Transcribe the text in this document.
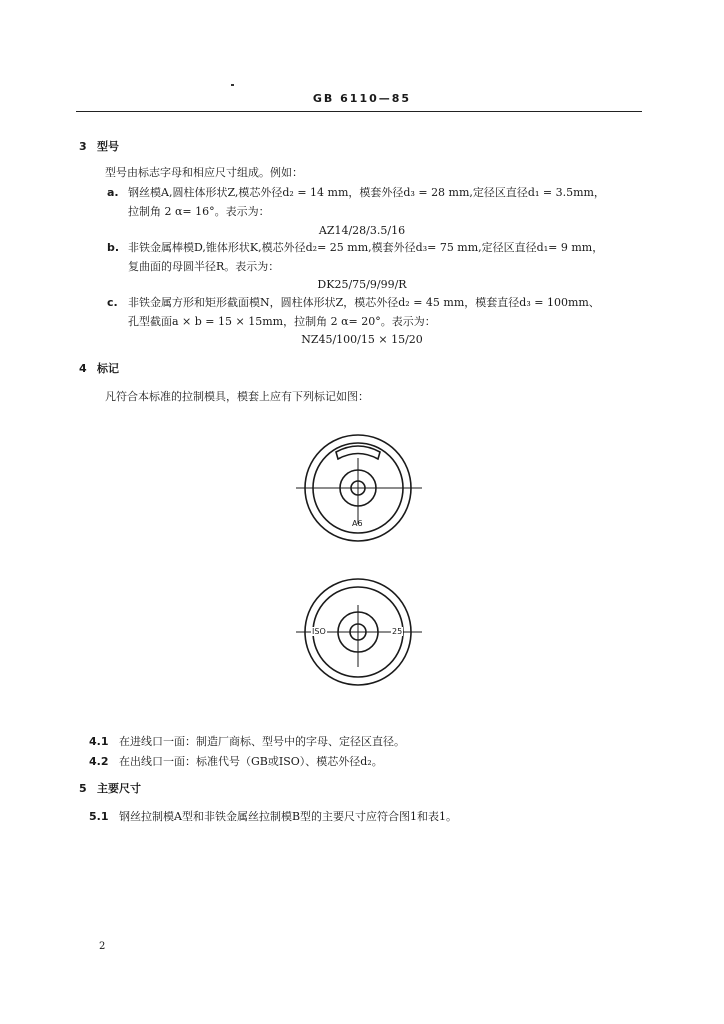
GB 6110—85
3 型号
型号由标志字母和相应尺寸组成。例如：
a. 钢丝模A,圆柱体形状Z,模芯外径d₂ = 14 mm，模套外径d₃ = 28 mm,定径区直径d₁ = 3.5mm，
拉制角 2 α= 16°。表示为：
AZ14/28/3.5/16
b. 非铁金属棒模D,锥体形状K,模芯外径d₂= 25 mm,模套外径d₃= 75 mm,定径区直径d₁= 9 mm，
复曲面的母圆半径R。表示为：
DK25/75/9/99/R
c. 非铁金属方形和矩形截面模N，圆柱体形状Z，模芯外径d₂ = 45 mm，模套直径d₃ = 100mm、
孔型截面a × b = 15 × 15mm，拉制角 2 α= 20°。表示为：
NZ45/100/15 × 15/20
4 标记
凡符合本标准的拉制模具，模套上应有下列标记如图：
A6
ISO	25
4.1 在进线口一面：制造厂商标、型号中的字母、定径区直径。
4.2 在出线口一面：标准代号（GB或ISO）、模芯外径d₂。
5 主要尺寸
5.1 钢丝拉制模A型和非铁金属丝拉制模B型的主要尺寸应符合图1和表1。
2
